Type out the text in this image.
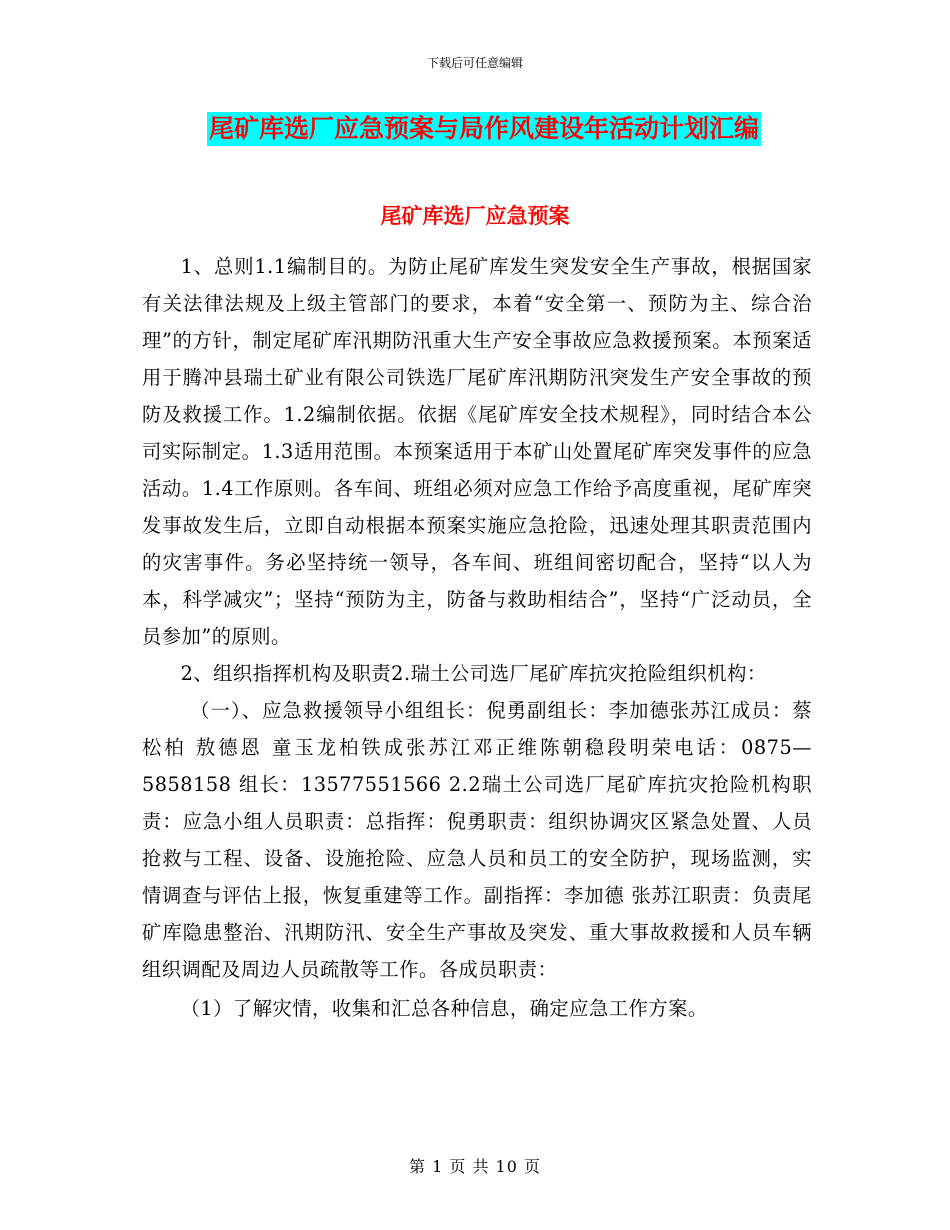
下载后可任意编辑
尾矿库选厂应急预案与局作风建设年活动计划汇编
尾矿库选厂应急预案

1、总则1.1编制目的。为防止尾矿库发生突发安全生产事故，根据国家有关法律法规及上级主管部门的要求，本着“安全第一、预防为主、综合治理”的方针，制定尾矿库汛期防汛重大生产安全事故应急救援预案。本预案适用于腾冲县瑞土矿业有限公司铁选厂尾矿库汛期防汛突发生产安全事故的预防及救援工作。1.2编制依据。依据《尾矿库安全技术规程》，同时结合本公司实际制定。1.3适用范围。本预案适用于本矿山处置尾矿库突发事件的应急活动。1.4工作原则。各车间、班组必须对应急工作给予高度重视，尾矿库突发事故发生后，立即自动根据本预案实施应急抢险，迅速处理其职责范围内的灾害事件。务必坚持统一领导，各车间、班组间密切配合，坚持“以人为本，科学减灾”；坚持“预防为主，防备与救助相结合”，坚持“广泛动员，全员参加”的原则。

2、组织指挥机构及职责2.瑞土公司选厂尾矿库抗灾抢险组织机构：

（一）、应急救援领导小组组长：倪勇副组长：李加德张苏江成员：蔡松柏 敖德恩 童玉龙柏铁成张苏江邓正维陈朝稳段明荣电话：0875—5858158 组长：13577551566 2.2瑞土公司选厂尾矿库抗灾抢险机构职责：应急小组人员职责：总指挥：倪勇职责：组织协调灾区紧急处置、人员抢救与工程、设备、设施抢险、应急人员和员工的安全防护，现场监测，实情调查与评估上报，恢复重建等工作。副指挥：李加德 张苏江职责：负责尾矿库隐患整治、汛期防汛、安全生产事故及突发、重大事故救援和人员车辆组织调配及周边人员疏散等工作。各成员职责：

（1）了解灾情，收集和汇总各种信息，确定应急工作方案。

第 1 页 共 10 页
